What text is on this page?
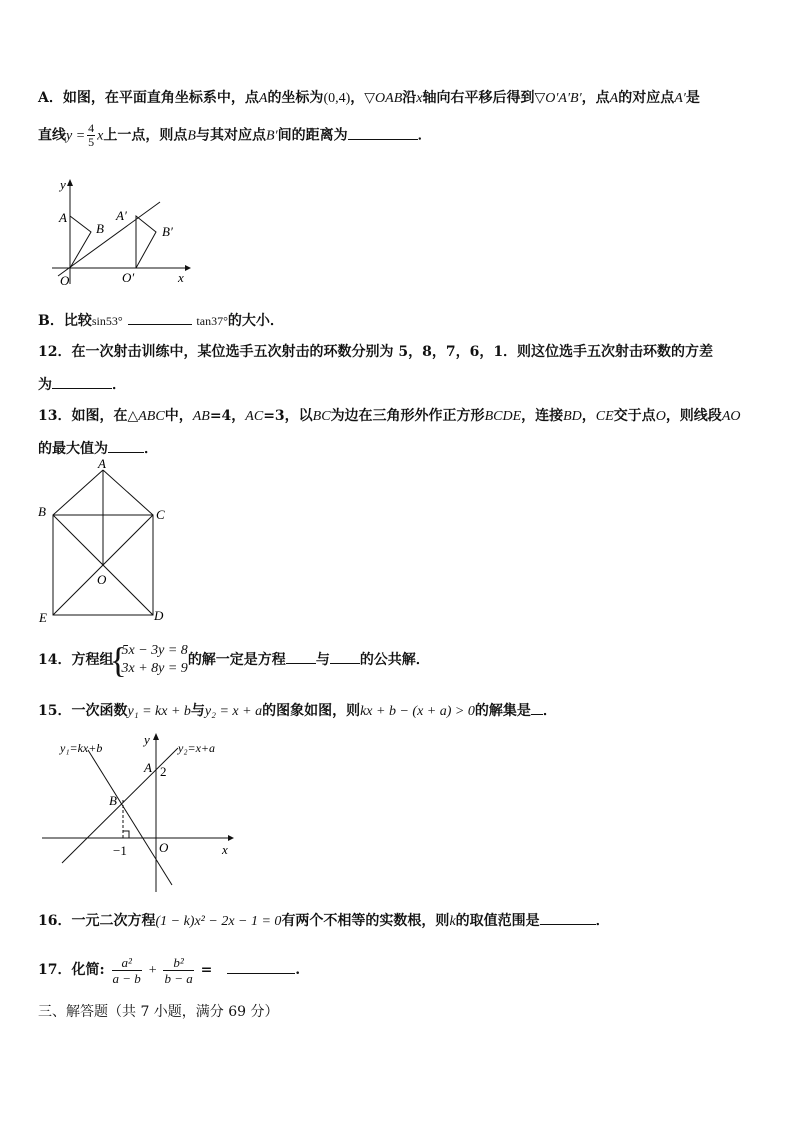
A．如图，在平面直角坐标系中，点A的坐标为(0,4)，▽OAB沿x轴向右平移后得到▽O′A′B′，点A的对应点A′是
直线$y = \frac{4}{5}$ x上一点，则点B与其对应点B′间的距离为	．
y
x
A
B
A′
B′
O	O′
B．比较sin53°	tan37°的大小．
12．在一次射击训练中，某位选手五次射击的环数分别为 5，8，7，6，1．则这位选手五次射击环数的方差
为	．
13．如图，在△ABC中，AB=4，AC=3，以BC为边在三角形外作正方形BCDE，连接BD，CE交于点O，则线段AO
的最大值为	．
A
B	C
O
E	D
14．方程组
{ 5x − 3y = 8
3x + 8y = 9
的解一定是方程 与 的公共解．
15．一次函数y₁ = kx + b与y₂ = x + a的图象如图，则kx + b − (x + a) > 0的解集是 ．
y₁=kx+b	y₂=x+a
y
x
A 2
B
−1 O
16．一元二次方程(1 − k)x² − 2x − 1 = 0有两个不相等的实数根，则k的取值范围是	．
17．化简: $\frac{\text{a²}}{a - b} + \frac{\text{b²}}{b - a}$ =	.
三、解答题（共 7 小题，满分 69 分）
